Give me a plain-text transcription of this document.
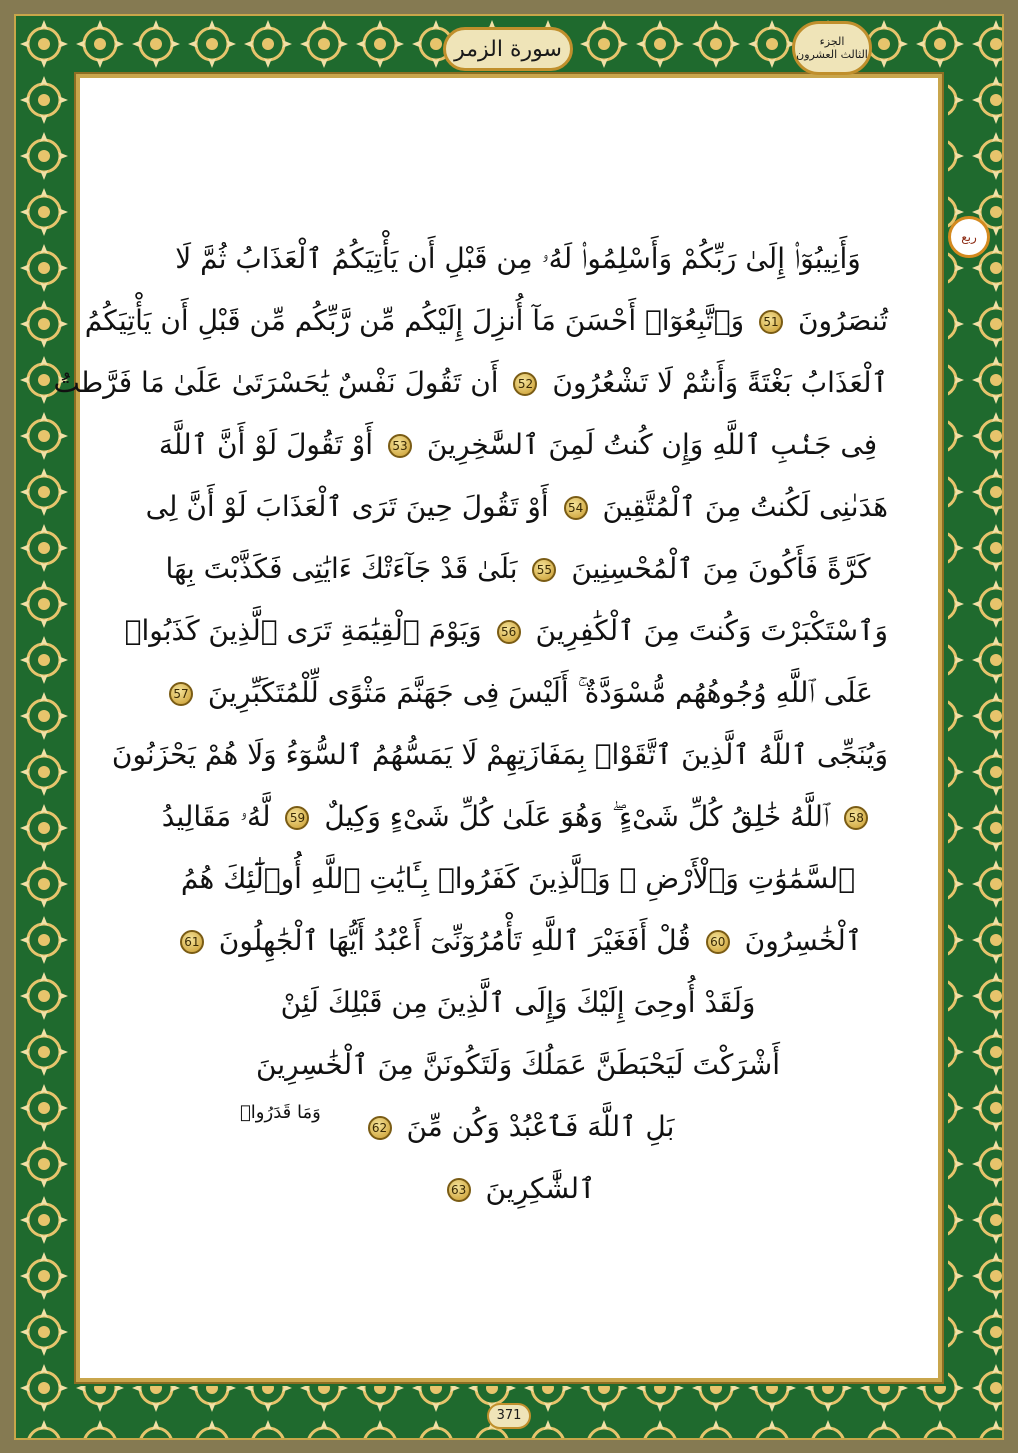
سورة الزمر	الجزء
الثالث العشرون
ربع
وَأَنِيبُوٓا۟ إِلَىٰ رَبِّكُمْ وَأَسْلِمُوا۟ لَهُۥ مِن قَبْلِ أَن يَأْتِيَكُمُ ٱلْعَذَابُ ثُمَّ لَا
تُنصَرُونَ 51 وَٱتَّبِعُوٓا۟ أَحْسَنَ مَآ أُنزِلَ إِلَيْكُم مِّن رَّبِّكُم مِّن قَبْلِ أَن يَأْتِيَكُمُ
ٱلْعَذَابُ بَغْتَةً وَأَنتُمْ لَا تَشْعُرُونَ 52 أَن تَقُولَ نَفْسٌ يَٰحَسْرَتَىٰ عَلَىٰ مَا فَرَّطتُ
فِى جَنۢبِ ٱللَّهِ وَإِن كُنتُ لَمِنَ ٱلسَّٰخِرِينَ 53 أَوْ تَقُولَ لَوْ أَنَّ ٱللَّهَ
هَدَىٰنِى لَكُنتُ مِنَ ٱلْمُتَّقِينَ 54 أَوْ تَقُولَ حِينَ تَرَى ٱلْعَذَابَ لَوْ أَنَّ لِى
كَرَّةً فَأَكُونَ مِنَ ٱلْمُحْسِنِينَ 55 بَلَىٰ قَدْ جَآءَتْكَ ءَايَٰتِى فَكَذَّبْتَ بِهَا
وَٱسْتَكْبَرْتَ وَكُنتَ مِنَ ٱلْكَٰفِرِينَ 56 وَيَوْمَ ٱلْقِيَٰمَةِ تَرَى ٱلَّذِينَ كَذَبُوا۟
عَلَى ٱللَّهِ وُجُوهُهُم مُّسْوَدَّةٌ ۚ أَلَيْسَ فِى جَهَنَّمَ مَثْوًى لِّلْمُتَكَبِّرِينَ 57
وَيُنَجِّى ٱللَّهُ ٱلَّذِينَ ٱتَّقَوْا۟ بِمَفَازَتِهِمْ لَا يَمَسُّهُمُ ٱلسُّوٓءُ وَلَا هُمْ يَحْزَنُونَ
58 ٱللَّهُ خَٰلِقُ كُلِّ شَىْءٍ ۖ وَهُوَ عَلَىٰ كُلِّ شَىْءٍ وَكِيلٌ 59 لَّهُۥ مَقَالِيدُ
ٱلسَّمَٰوَٰتِ وَٱلْأَرْضِ ۗ وَٱلَّذِينَ كَفَرُوا۟ بِـَٔايَٰتِ ٱللَّهِ أُو۟لَٰٓئِكَ هُمُ
ٱلْخَٰسِرُونَ 60 قُلْ أَفَغَيْرَ ٱللَّهِ تَأْمُرُوٓنِّىٓ أَعْبُدُ أَيُّهَا ٱلْجَٰهِلُونَ 61
وَلَقَدْ أُوحِىَ إِلَيْكَ وَإِلَى ٱلَّذِينَ مِن قَبْلِكَ لَئِنْ
أَشْرَكْتَ لَيَحْبَطَنَّ عَمَلُكَ وَلَتَكُونَنَّ مِنَ ٱلْخَٰسِرِينَ
بَلِ ٱللَّهَ فَٱعْبُدْ وَكُن مِّنَ 62
ٱلشَّٰكِرِينَ 63
وَمَا قَدَرُوا۟
371
